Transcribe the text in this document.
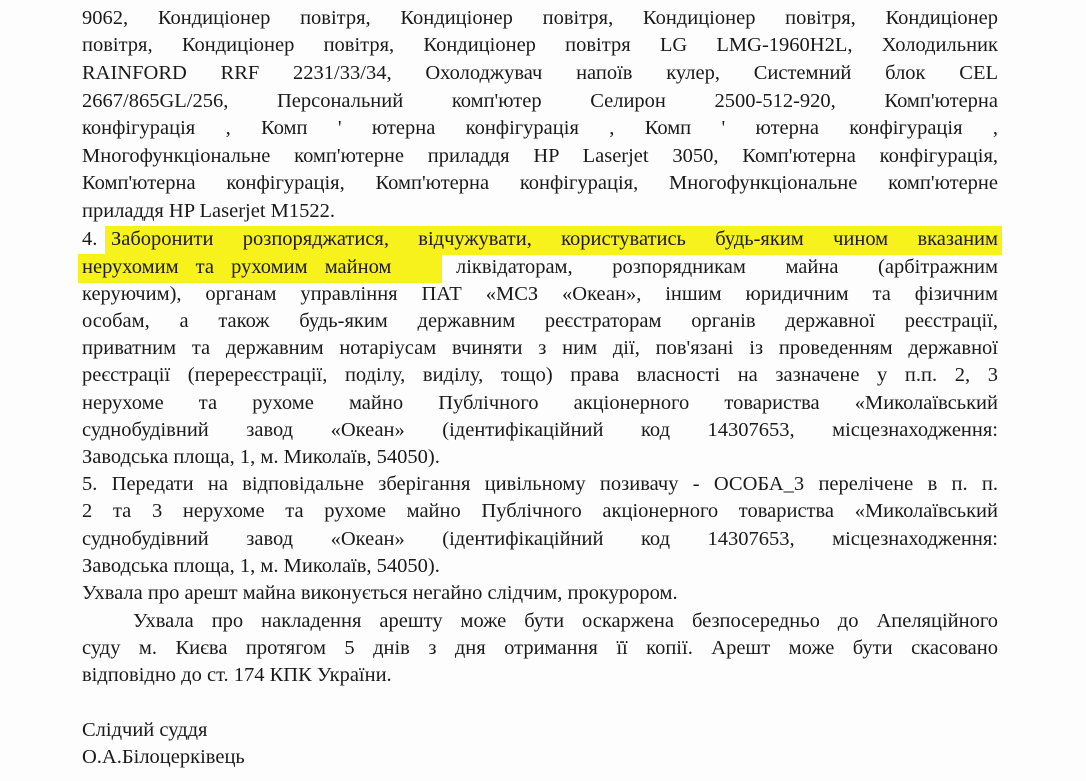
9062, Кондиціонер повітря, Кондиціонер повітря, Кондиціонер повітря, Кондиціонер
повітря, Кондиціонер повітря, Кондиціонер повітря LG LMG-1960H2L, Холодильник
RAINFORD RRF 2231/33/34, Охолоджувач напоїв кулер, Системний блок CEL
2667/865GL/256, Персональний комп'ютер Селирон 2500-512-920, Комп'ютерна
конфігурація , Комп ' ютерна конфігурація , Комп ' ютерна конфігурація ,
Многофункціональне комп'ютерне приладдя HP Laserjet 3050, Комп'ютерна конфігурація,
Комп'ютерна конфігурація, Комп'ютерна конфігурація, Многофункціональне комп'ютерне
приладдя HP Laserjet M1522.
4. Заборонити розпоряджатися, відчужувати, користуватись будь-яким чином вказаним
нерухомим та рухомим майном	ліквідаторам, розпорядникам майна (арбітражним
керуючим), органам управління ПАТ «МСЗ «Океан», іншим юридичним та фізичним
особам, а також будь-яким державним реєстраторам органів державної реєстрації,
приватним та державним нотаріусам вчиняти з ним дії, пов'язані із проведенням державної
реєстрації (перереєстрації, поділу, виділу, тощо) права власності на зазначене у п.п. 2, 3
нерухоме та рухоме майно Публічного акціонерного товариства «Миколаївський
суднобудівний завод «Океан» (ідентифікаційний код 14307653, місцезнаходження:
Заводська площа, 1, м. Миколаїв, 54050).
5. Передати на відповідальне зберігання цивільному позивачу - ОСОБА_3 перелічене в п. п.
2 та 3 нерухоме та рухоме майно Публічного акціонерного товариства «Миколаївський
суднобудівний завод «Океан» (ідентифікаційний код 14307653, місцезнаходження:
Заводська площа, 1, м. Миколаїв, 54050).
Ухвала про арешт майна виконується негайно слідчим, прокурором.
Ухвала про накладення арешту може бути оскаржена безпосередньо до Апеляційного
суду м. Києва протягом 5 днів з дня отримання її копії. Арешт може бути скасовано
відповідно до ст. 174 КПК України.
Слідчий суддя
О.А.Білоцерківець
